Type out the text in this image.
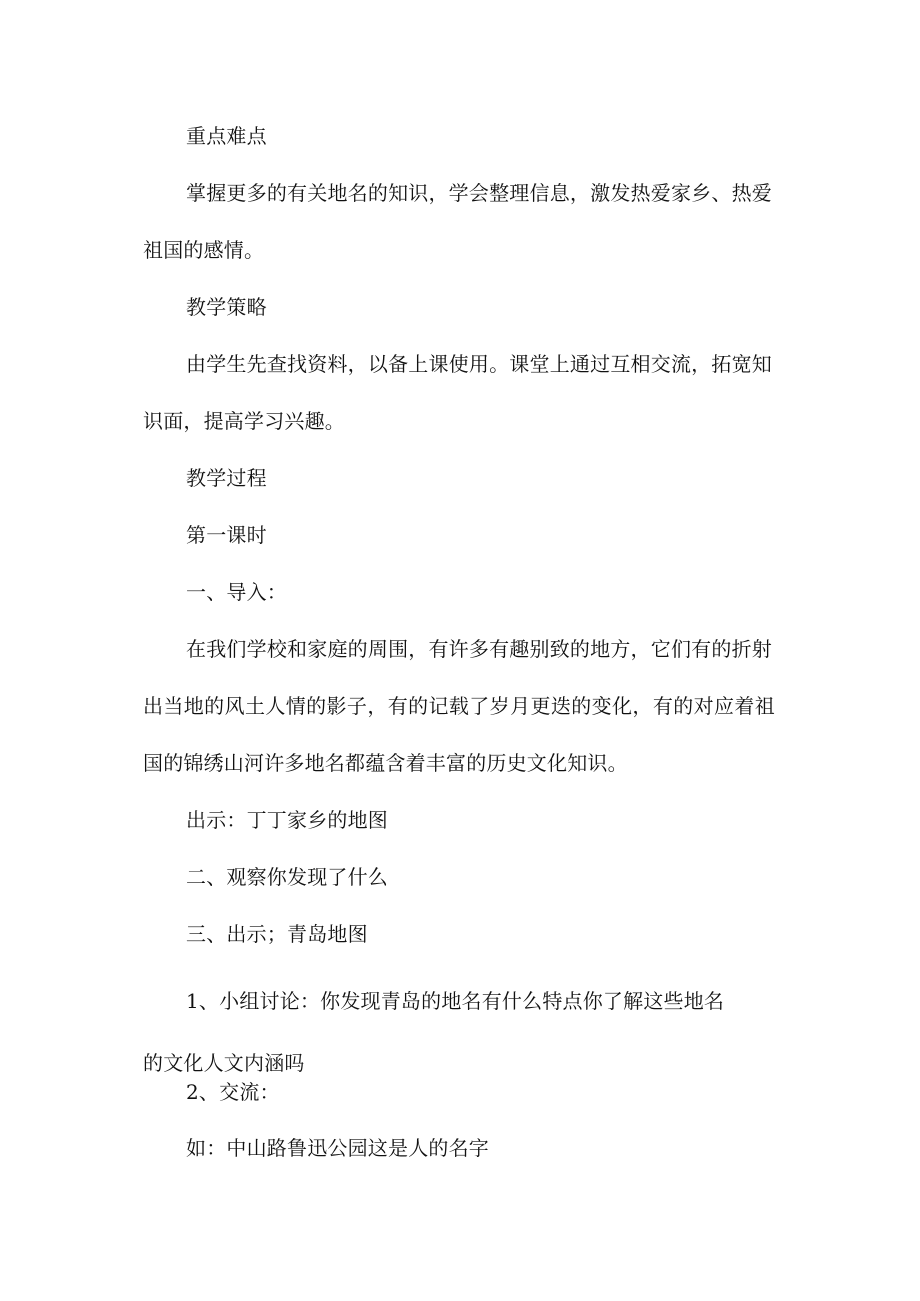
重点难点
掌握更多的有关地名的知识，学会整理信息，激发热爱家乡、热爱
祖国的感情。
教学策略
由学生先查找资料，以备上课使用。课堂上通过互相交流，拓宽知
识面，提高学习兴趣。
教学过程
第一课时
一、导入：
在我们学校和家庭的周围，有许多有趣别致的地方，它们有的折射
出当地的风土人情的影子，有的记载了岁月更迭的变化，有的对应着祖
国的锦绣山河许多地名都蕴含着丰富的历史文化知识。
出示：丁丁家乡的地图
二、观察你发现了什么
三、出示；青岛地图
1、小组讨论：你发现青岛的地名有什么特点你了解这些地名
的文化人文内涵吗
2、交流：
如：中山路鲁迅公园这是人的名字
